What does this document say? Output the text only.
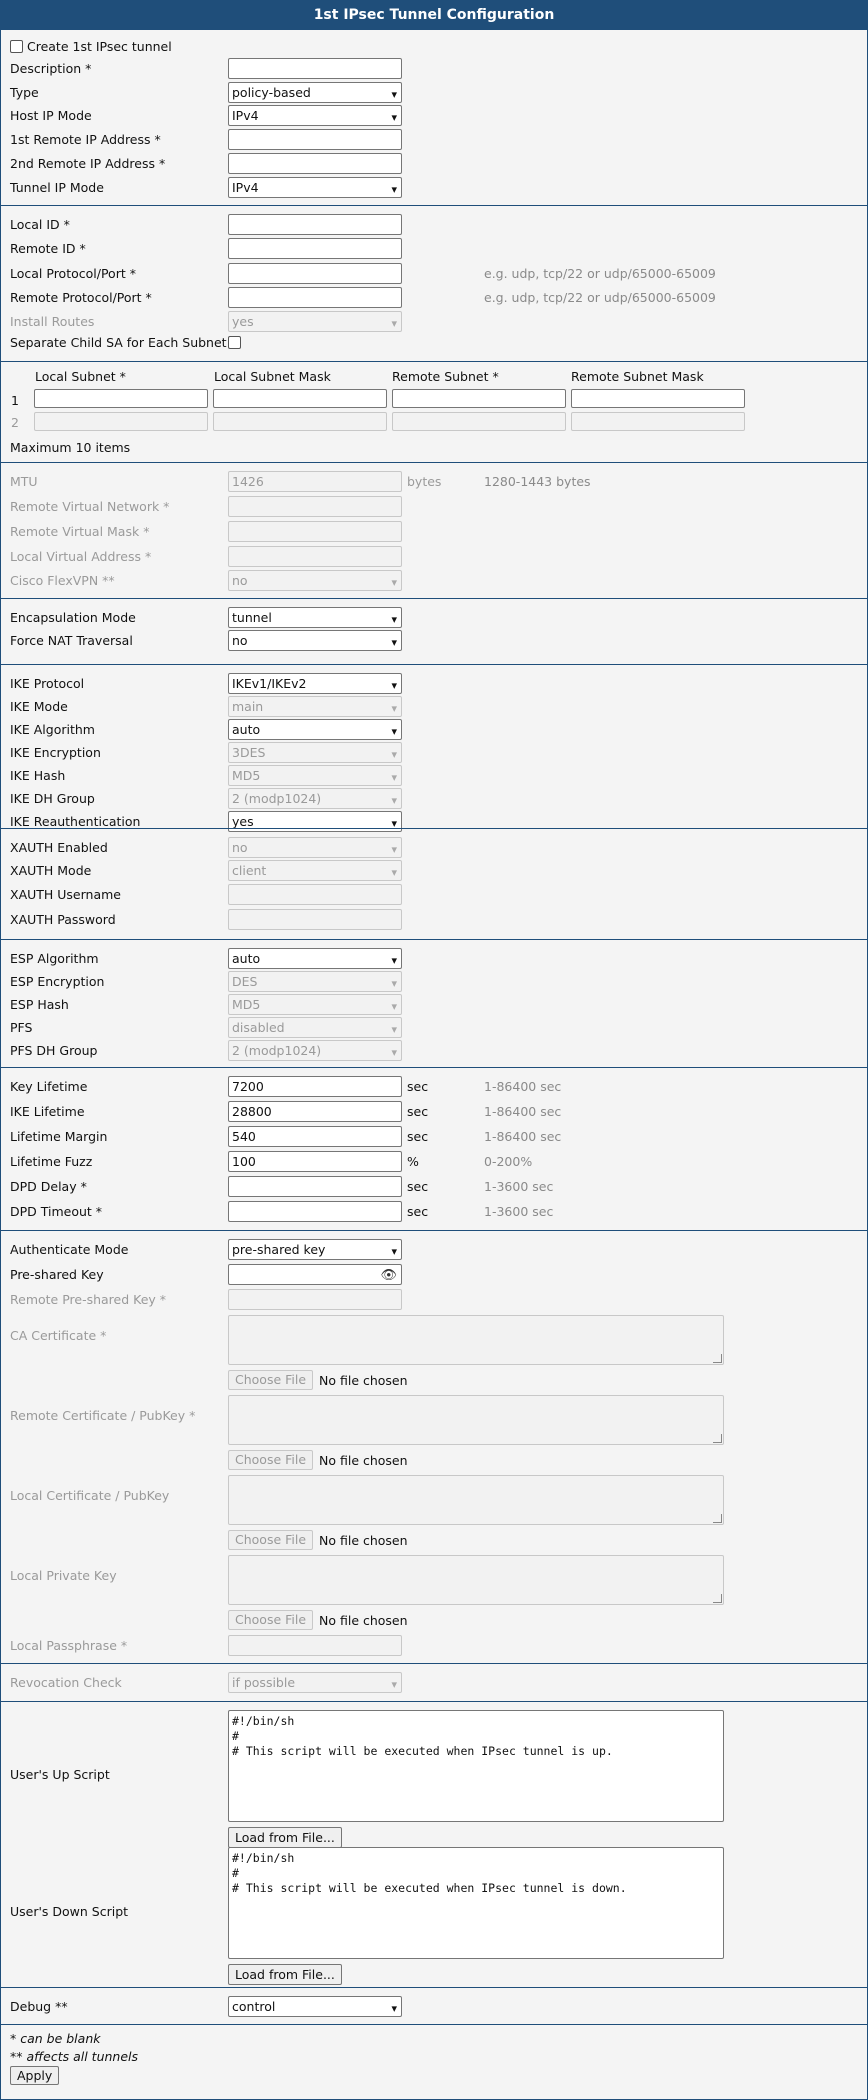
1st IPsec Tunnel Configuration
Create 1st IPsec tunnel
Description *
Type	policy-based	▾
Host IP Mode	IPv4	▾
1st Remote IP Address *
2nd Remote IP Address *
Tunnel IP Mode	IPv4	▾
Local ID *
Remote ID *
Local Protocol/Port *	e.g. udp, tcp/22 or udp/65000-65009
Remote Protocol/Port *	e.g. udp, tcp/22 or udp/65000-65009
Install Routes	yes	▾
Separate Child SA for Each Subnet
Local Subnet *	Local Subnet Mask	Remote Subnet *	Remote Subnet Mask
1
2
Maximum 10 items
MTU	1426	bytes	1280-1443 bytes
Remote Virtual Network *
Remote Virtual Mask *
Local Virtual Address *
Cisco FlexVPN **	no	▾
Encapsulation Mode	tunnel	▾
Force NAT Traversal	no	▾
IKE Protocol	IKEv1/IKEv2	▾
IKE Mode	main	▾
IKE Algorithm	auto	▾
IKE Encryption	3DES	▾
IKE Hash	MD5	▾
IKE DH Group	2 (modp1024)	▾
IKE Reauthentication	yes	▾
XAUTH Enabled	no	▾
XAUTH Mode	client	▾
XAUTH Username
XAUTH Password
ESP Algorithm	auto	▾
ESP Encryption	DES	▾
ESP Hash	MD5	▾
PFS	disabled	▾
PFS DH Group	2 (modp1024)	▾
Key Lifetime	7200	sec	1-86400 sec
IKE Lifetime	28800	sec	1-86400 sec
Lifetime Margin	540	sec	1-86400 sec
Lifetime Fuzz	100	%	0-200%
DPD Delay *	sec	1-3600 sec
DPD Timeout *	sec	1-3600 sec
Authenticate Mode	pre-shared key	▾
Pre-shared Key	👁
Remote Pre-shared Key *
CA Certificate *
Choose File	No file chosen
Remote Certificate / PubKey *
Choose File	No file chosen
Local Certificate / PubKey
Choose File	No file chosen
Local Private Key
Choose File	No file chosen
Local Passphrase *
Revocation Check	if possible	▾
User's Up Script
#!/bin/sh
#
# This script will be executed when IPsec tunnel is up.
Load from File...
User's Down Script
#!/bin/sh
#
# This script will be executed when IPsec tunnel is down.
Load from File...
Debug **	control	▾
* can be blank
** affects all tunnels
Apply
